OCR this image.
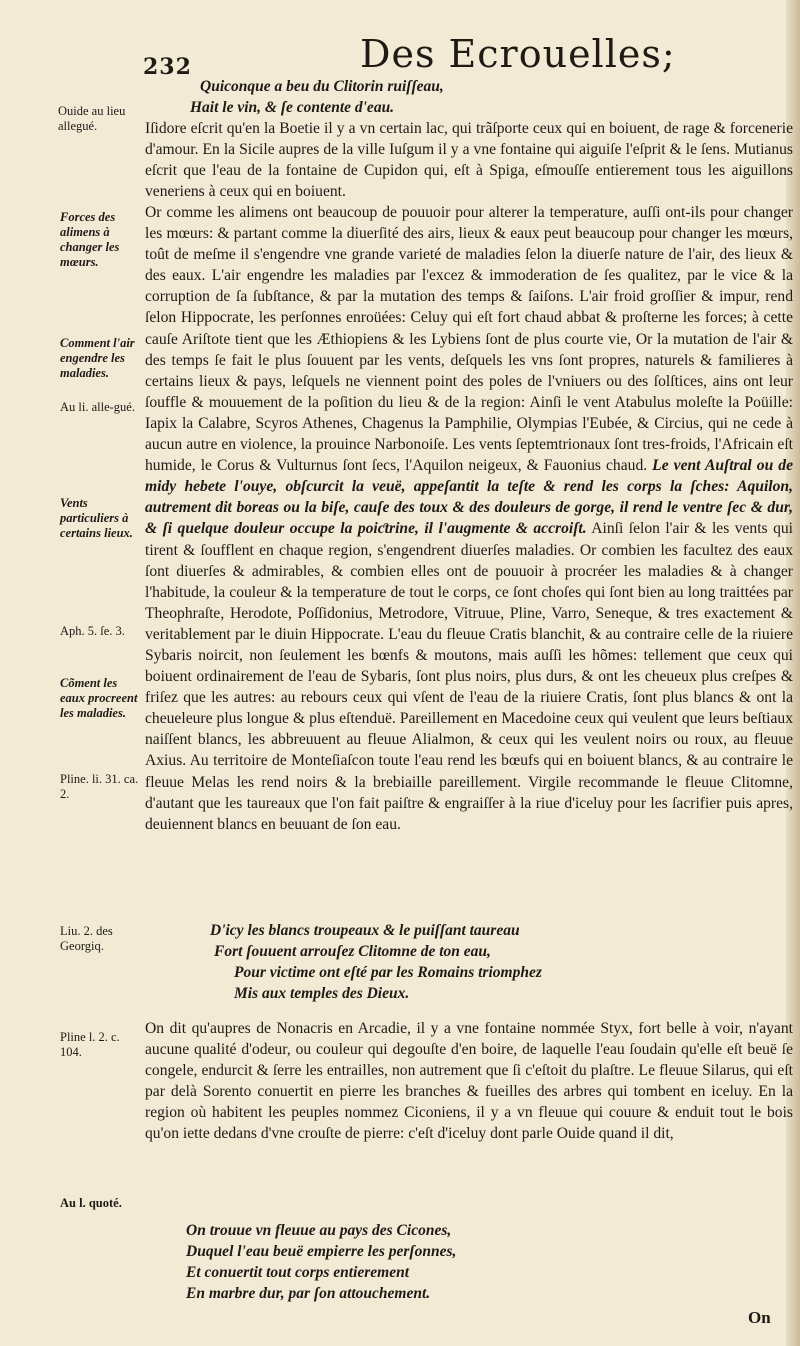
232	Des Ecrouelles;
Quiconque a beu du Clitorin ruiſſeau,
Hait le vin, & ſe contente d'eau.

Iſidore eſcrit qu'en la Boetie il y a vn certain lac, qui trãſporte ceux qui en boiuent, de rage & forcenerie d'amour. En la Sicile aupres de la ville Iuſgum il y a vne fontaine qui aiguiſe l'eſprit & le ſens. Mutianus eſcrit que l'eau de la fontaine de Cupidon qui, eſt à Spiga, eſmouſſe entierement tous les aiguillons veneriens à ceux qui en boiuent.

Or comme les alimens ont beaucoup de pouuoir pour alterer la temperature, auſſi ont-ils pour changer les mœurs: & partant comme la diuerſité des airs, lieux & eaux peut beaucoup pour changer les mœurs, toût de meſme il s'engendre vne grande varieté de maladies ſelon la diuerſe nature de l'air, des lieux & des eaux. L'air engendre les maladies par l'excez & immoderation de ſes qualitez, par le vice & la corruption de ſa ſubſtance, & par la mutation des temps & ſaiſons. L'air froid groſſier & impur, rend ſelon Hippocrate, les perſonnes enroüées: Celuy qui eſt fort chaud abbat & proſterne les forces; à cette cauſe Ariſtote tient que les Æthiopiens & les Lybiens ſont de plus courte vie, Or la mutation de l'air & des temps ſe fait le plus ſouuent par les vents, deſquels les vns ſont propres, naturels & familieres à certains lieux & pays, leſquels ne viennent point des poles de l'vniuers ou des ſolſtices, ains ont leur ſouffle & mouuement de la poſition du lieu & de la region: Ainſi le vent Atabulus moleſte la Poüille: Iapix la Calabre, Scyros Athenes, Chagenus la Pamphilie, Olympias l'Eubée, & Circius, qui ne cede à aucun autre en violence, la prouince Narbonoiſe. Les vents ſeptemtrionaux ſont tres-froids, l'Africain eſt humide, le Corus & Vulturnus ſont ſecs, l'Aquilon neigeux, & Fauonius chaud. Le vent Auſtral ou de midy hebete l'ouye, obſcurcit la veuë, appeſantit la teſte & rend les corps la ſches: Aquilon, autrement dit boreas ou la biſe, cauſe des toux & des douleurs de gorge, il rend le ventre ſec & dur, & ſi quelque douleur occupe la poiƈtrine, il l'augmente & accroiſt. Ainſi ſelon l'air & les vents qui tirent & ſoufflent en chaque region, s'engendrent diuerſes maladies. Or combien les facultez des eaux ſont diuerſes & admirables, & combien elles ont de pouuoir à procréer les maladies & à changer l'habitude, la couleur & la temperature de tout le corps, ce ſont choſes qui ſont bien au long traittées par Theophraſte, Herodote, Poſſidonius, Metrodore, Vitruue, Pline, Varro, Seneque, & tres exactement & veritablement par le diuin Hippocrate. L'eau du fleuue Cratis blanchit, & au contraire celle de la riuiere Sybaris noircit, non ſeulement les bœnfs & moutons, mais auſſi les hõmes: tellement que ceux qui boiuent ordinairement de l'eau de Sybaris, ſont plus noirs, plus durs, & ont les cheueux plus creſpes & friſez que les autres: au rebours ceux qui vſent de l'eau de la riuiere Cratis, ſont plus blancs & ont la cheueleure plus longue & plus eſtenduë. Pareillement en Macedoine ceux qui veulent que leurs beſtiaux naiſſent blancs, les abbreuuent au fleuue Alialmon, & ceux qui les veulent noirs ou roux, au fleuue Axius. Au territoire de Monteſiaſcon toute l'eau rend les bœufs qui en boiuent blancs, & au contraire le fleuue Melas les rend noirs & la brebiaille pareillement. Virgile recommande le fleuue Clitomne, d'autant que les taureaux que l'on fait paiſtre & engraiſſer à la riue d'iceluy pour les ſacrifier puis apres, deuiennent blancs en beuuant de ſon eau.

D'icy les blancs troupeaux & le puiſſant taureau
Fort ſouuent arrouſez Clitomne de ton eau,
Pour victime ont eſté par les Romains triomphez
Mis aux temples des Dieux.

On dit qu'aupres de Nonacris en Arcadie, il y a vne fontaine nommée Styx, fort belle à voir, n'ayant aucune qualité d'odeur, ou couleur qui degouſte d'en boire, de laquelle l'eau ſoudain qu'elle eſt beuë ſe congele, endurcit & ſerre les entrailles, non autrement que ſi c'eſtoit du plaſtre. Le fleuue Silarus, qui eſt par delà Sorento conuertit en pierre les branches & fueilles des arbres qui tombent en iceluy. En la region où habitent les peuples nommez Ciconiens, il y a vn fleuue qui couure & enduit tout le bois qu'on iette dedans d'vne crouſte de pierre: c'eſt d'iceluy dont parle Ouide quand il dit,

On trouue vn fleuue au pays des Cicones,
Duquel l'eau beuë empierre les perſonnes,
Et conuertit tout corps entierement
En marbre dur, par ſon attouchement.
Ouide au lieu allegué.
Forces des alimens à changer les mœurs.
Comment l'air engendre les maladies.
Au li. alle-gué.
Vents particuliers à certains lieux.
Aph. 5. ſe. 3.
Cõment les eaux procreent les maladies.
Pline. li. 31. ca. 2.
Liu. 2. des Georgiq.
Pline l. 2. c. 104.
Au l. quoté.
On
